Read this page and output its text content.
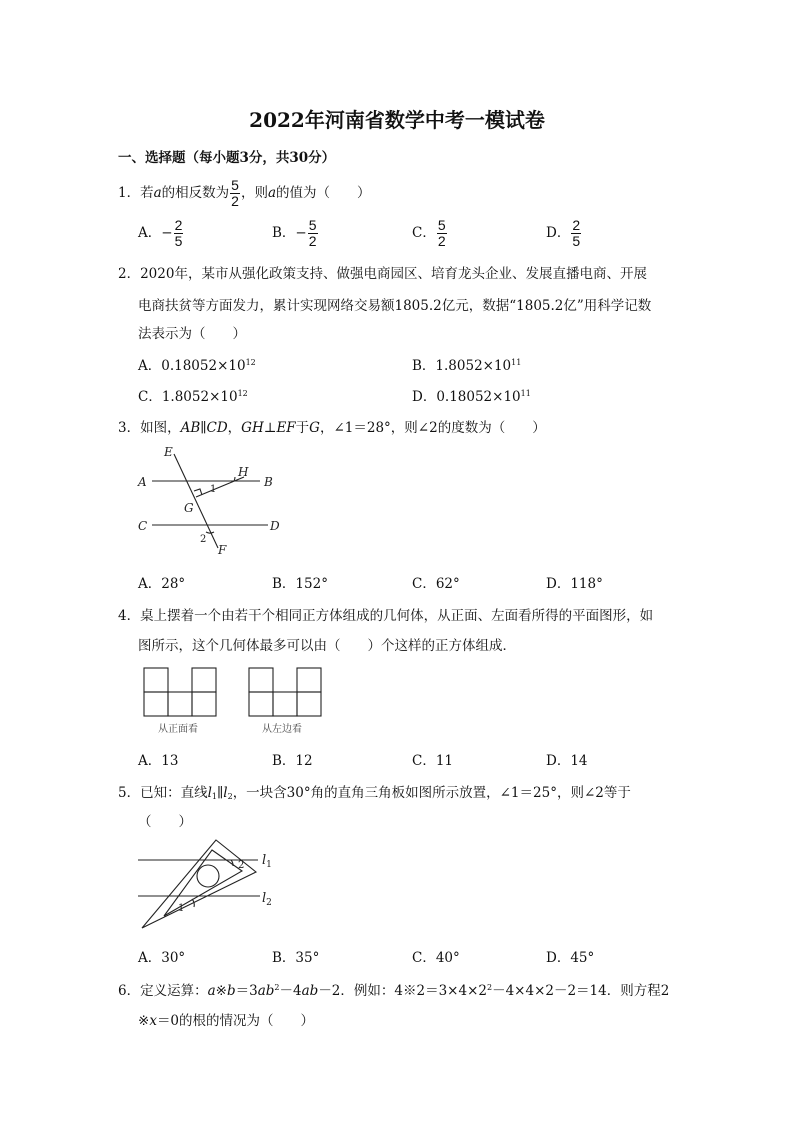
2022年河南省数学中考一模试卷
一、选择题（每小题3分，共30分）
1．若a的相反数为 $\frac{5}{2}$ ，则a的值为（　　）
A．− $\frac{2}{5}$	B．− $\frac{5}{2}$	C． $\frac{5}{2}$	D． $\frac{2}{5}$
2．2020年，某市从强化政策支持、做强电商园区、培育龙头企业、发展直播电商、开展
电商扶贫等方面发力，累计实现网络交易额1805.2亿元，数据“1805.2亿”用科学记数
法表示为（　　）
A．$0.18052\times 10^{12}$	B．$1.8052\times 10^{11}$
C．$1.8052\times 10^{12}$	D．$0.18052\times 10^{11}$
3．如图，AB∥CD，GH⊥EF于G，∠1＝28°，则∠2的度数为（　　）
E
H
A	B
G
C	D
F
1
2
A．28°	B．152°	C．62°	D．118°
4．桌上摆着一个由若干个相同正方体组成的几何体，从正面、左面看所得的平面图形，如
图所示，这个几何体最多可以由（　　）个这样的正方体组成．
从正面看	从左边看
A．13	B．12	C．11	D．14
5．已知：直线$l_1\parallel l_2$，一块含30°角的直角三角板如图所示放置，∠1＝25°，则∠2等于
（　　）
$l_1$
$l_2$
2
1
A．30°	B．35°	C．40°	D．45°
6．定义运算：$a※b=3ab^2-4ab-2$．例如：$4※2=3\times 4\times 2^2-4\times 4\times 2-2=14$．则方程2
※x＝0的根的情况为（　　）
